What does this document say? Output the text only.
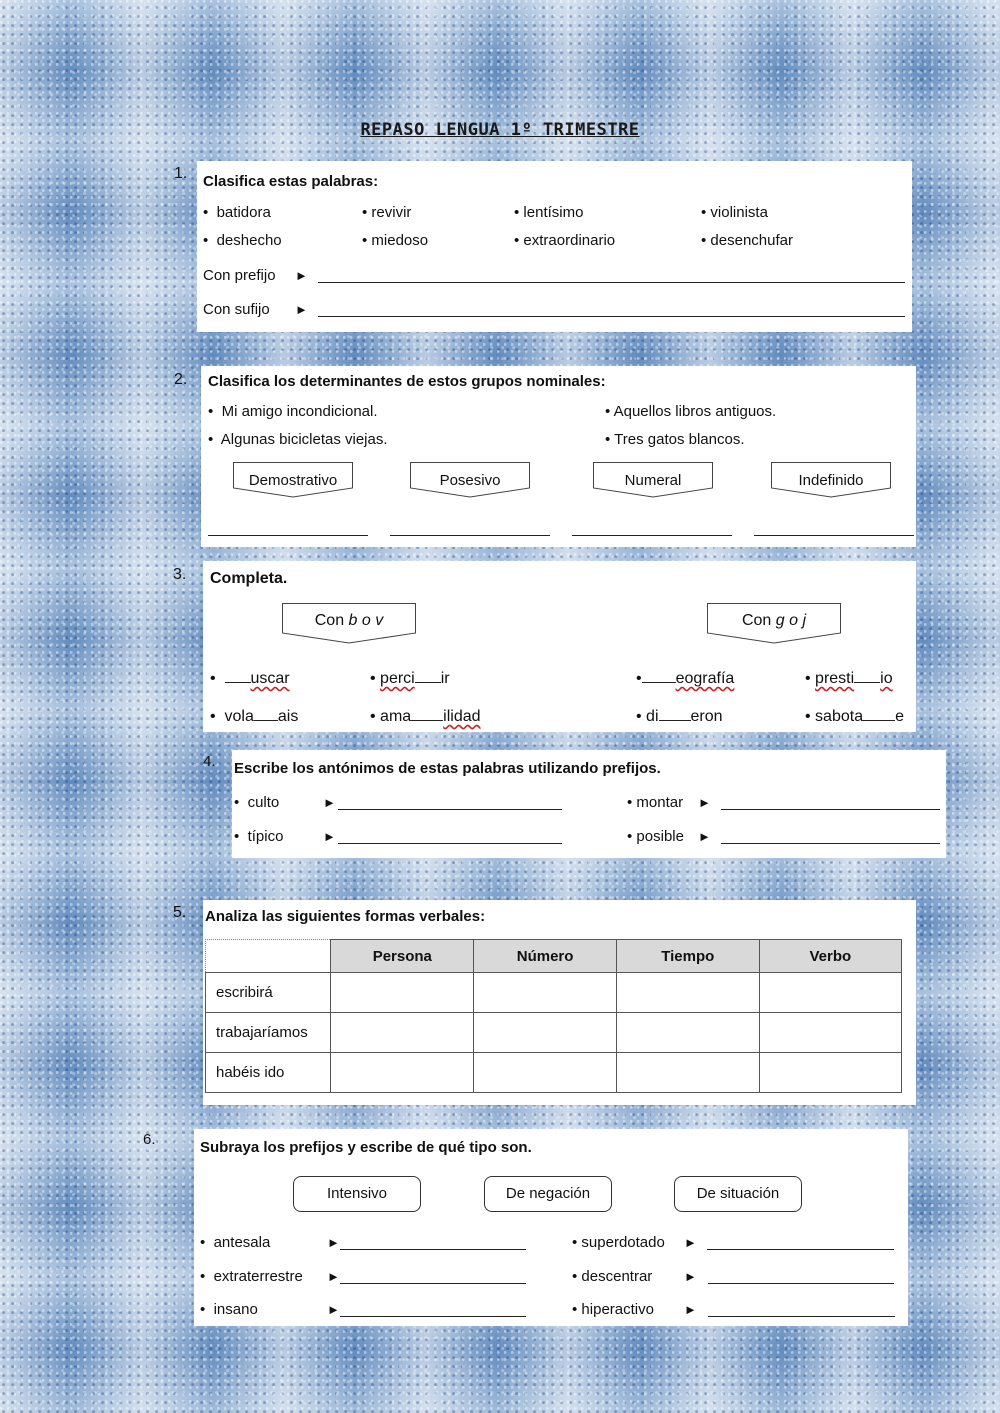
REPASO LENGUA 1º TRIMESTRE
1. Clasifica estas palabras:
•  batidora	• revivir	• lentísimo	• violinista
•  deshecho	• miedoso	• extraordinario	• desenchufar
Con prefijo ►
Con sufijo ►
2. Clasifica los determinantes de estos grupos nominales:
•  Mi amigo incondicional.	• Aquellos libros antiguos.
•  Algunas bicicletas viejas.	• Tres gatos blancos.
Demostrativo	Posesivo	Numeral	Indefinido
3. Completa.
Con b o v	Con g o j
•  uscar	• perci ir	• eografía	• presti io
•  vola ais	• ama ilidad	• di eron	• sabota e
4. Escribe los antónimos de estas palabras utilizando prefijos.
•  culto	►	• montar ►
•  típico	►	• posible ►
5. Analiza las siguientes formas verbales:
	Persona	Número	Tiempo	Verbo
escribirá				
trabajaríamos				
habéis ido				
6.	Subraya los prefijos y escribe de qué tipo son.
Intensivo	De negación	De situación
•  antesala	►	• superdotado ►
•  extraterrestre ►	• descentrar ►
•  insano	►	• hiperactivo ►
